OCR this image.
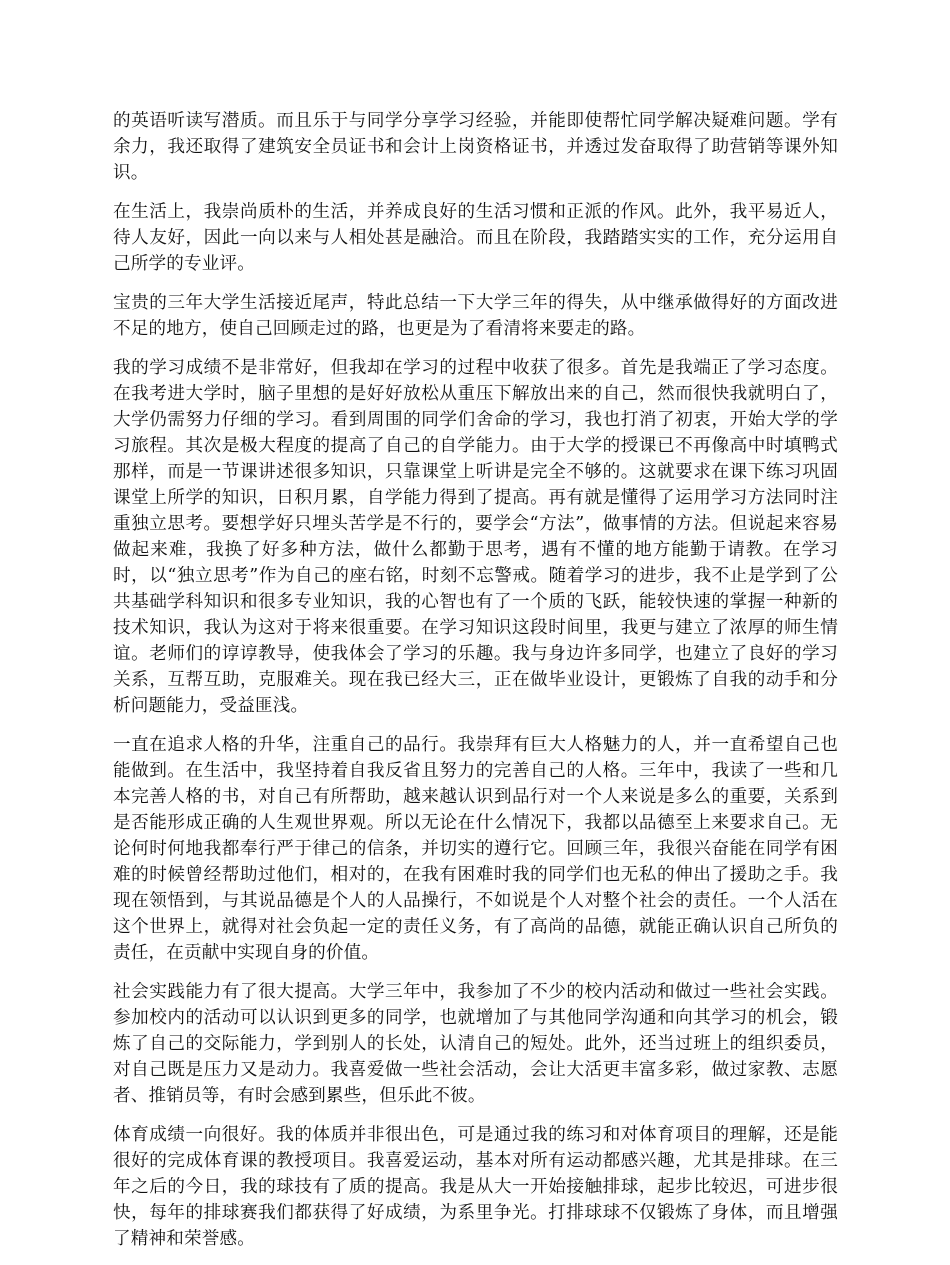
的英语听读写潜质。而且乐于与同学分享学习经验，并能即使帮忙同学解决疑难问题。学有余力，我还取得了建筑安全员证书和会计上岗资格证书，并透过发奋取得了助营销等课外知识。

在生活上，我崇尚质朴的生活，并养成良好的生活习惯和正派的作风。此外，我平易近人，待人友好，因此一向以来与人相处甚是融洽。而且在阶段，我踏踏实实的工作，充分运用自己所学的专业评。

宝贵的三年大学生活接近尾声，特此总结一下大学三年的得失，从中继承做得好的方面改进不足的地方，使自己回顾走过的路，也更是为了看清将来要走的路。

我的学习成绩不是非常好，但我却在学习的过程中收获了很多。首先是我端正了学习态度。在我考进大学时，脑子里想的是好好放松从重压下解放出来的自己，然而很快我就明白了，大学仍需努力仔细的学习。看到周围的同学们舍命的学习，我也打消了初衷，开始大学的学习旅程。其次是极大程度的提高了自己的自学能力。由于大学的授课已不再像高中时填鸭式那样，而是一节课讲述很多知识，只靠课堂上听讲是完全不够的。这就要求在课下练习巩固课堂上所学的知识，日积月累，自学能力得到了提高。再有就是懂得了运用学习方法同时注重独立思考。要想学好只埋头苦学是不行的，要学会“方法”，做事情的方法。但说起来容易做起来难，我换了好多种方法，做什么都勤于思考，遇有不懂的地方能勤于请教。在学习时，以“独立思考”作为自己的座右铭，时刻不忘警戒。随着学习的进步，我不止是学到了公共基础学科知识和很多专业知识，我的心智也有了一个质的飞跃，能较快速的掌握一种新的技术知识，我认为这对于将来很重要。在学习知识这段时间里，我更与建立了浓厚的师生情谊。老师们的谆谆教导，使我体会了学习的乐趣。我与身边许多同学，也建立了良好的学习关系，互帮互助，克服难关。现在我已经大三，正在做毕业设计，更锻炼了自我的动手和分析问题能力，受益匪浅。

一直在追求人格的升华，注重自己的品行。我崇拜有巨大人格魅力的人，并一直希望自己也能做到。在生活中，我坚持着自我反省且努力的完善自己的人格。三年中，我读了一些和几本完善人格的书，对自己有所帮助，越来越认识到品行对一个人来说是多么的重要，关系到是否能形成正确的人生观世界观。所以无论在什么情况下，我都以品德至上来要求自己。无论何时何地我都奉行严于律己的信条，并切实的遵行它。回顾三年，我很兴奋能在同学有困难的时候曾经帮助过他们，相对的，在我有困难时我的同学们也无私的伸出了援助之手。我现在领悟到，与其说品德是个人的人品操行，不如说是个人对整个社会的责任。一个人活在这个世界上，就得对社会负起一定的责任义务，有了高尚的品德，就能正确认识自己所负的责任，在贡献中实现自身的价值。

社会实践能力有了很大提高。大学三年中，我参加了不少的校内活动和做过一些社会实践。参加校内的活动可以认识到更多的同学，也就增加了与其他同学沟通和向其学习的机会，锻炼了自己的交际能力，学到别人的长处，认清自己的短处。此外，还当过班上的组织委员，对自己既是压力又是动力。我喜爱做一些社会活动，会让大活更丰富多彩，做过家教、志愿者、推销员等，有时会感到累些，但乐此不彼。

体育成绩一向很好。我的体质并非很出色，可是通过我的练习和对体育项目的理解，还是能很好的完成体育课的教授项目。我喜爱运动，基本对所有运动都感兴趣，尤其是排球。在三年之后的今日，我的球技有了质的提高。我是从大一开始接触排球，起步比较迟，可进步很快，每年的排球赛我们都获得了好成绩，为系里争光。打排球球不仅锻炼了身体，而且增强了精神和荣誉感。
